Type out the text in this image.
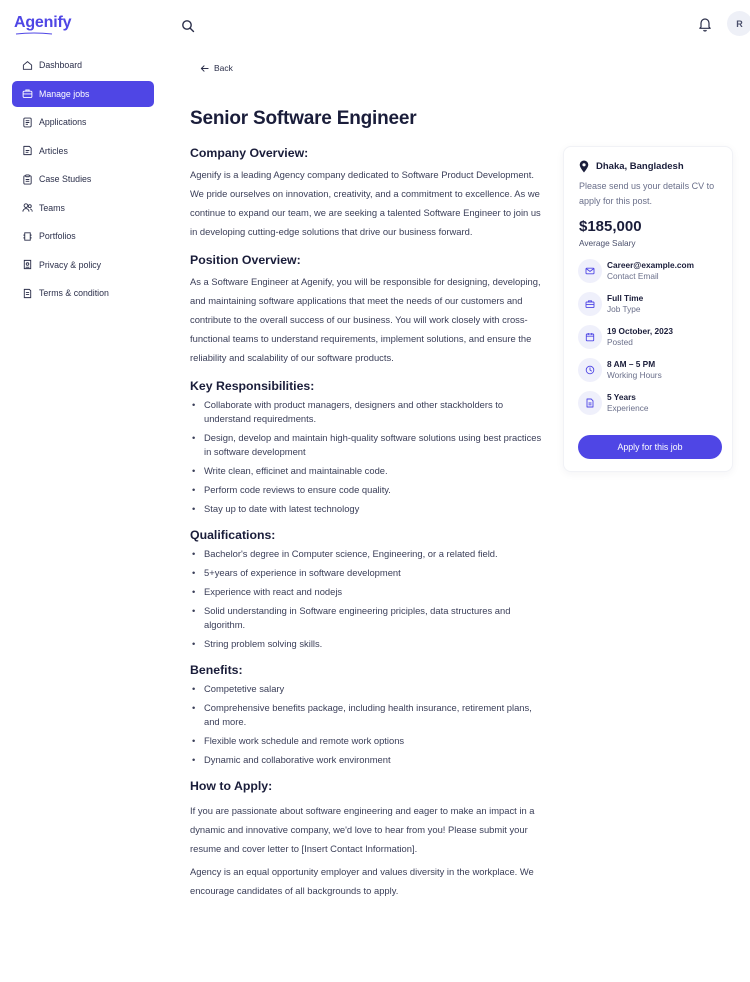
Agenify	R
Dashboard
Manage jobs
Applications
Articles
Case Studies
Teams
Portfolios
Privacy & policy
Terms & condition
Back
Senior Software Engineer
Company Overview:

Agenify is a leading Agency company dedicated to Software Product Development. We pride ourselves on innovation, creativity, and a commitment to excellence. As we continue to expand our team, we are seeking a talented Software Engineer to join us in developing cutting-edge solutions that drive our business forward.

Position Overview:

As a Software Engineer at Agenify, you will be responsible for designing, developing, and maintaining software applications that meet the needs of our customers and contribute to the overall success of our business. You will work closely with cross-functional teams to understand requirements, implement solutions, and ensure the reliability and scalability of our software products.

Key Responsibilities:
• Collaborate with product managers, designers and other stackholders to understand requiredments.
• Design, develop and maintain high-quality software solutions using best practices in software development
• Write clean, efficinet and maintainable code.
• Perform code reviews to ensure code quality.
• Stay up to date with latest technology
Qualifications:
• Bachelor's degree in Computer science, Engineering, or a related field.
• 5+years of experience in software development
• Experience with react and nodejs
• Solid understanding in Software engineering priciples, data structures and algorithm.
• String problem solving skills.
Benefits:
• Competetive salary
• Comprehensive benefits package, including health insurance, retirement plans, and more.
• Flexible work schedule and remote work options
• Dynamic and collaborative work environment
How to Apply:

If you are passionate about software engineering and eager to make an impact in a dynamic and innovative company, we'd love to hear from you! Please submit your resume and cover letter to [Insert Contact Information].

Agency is an equal opportunity employer and values diversity in the workplace. We encourage candidates of all backgrounds to apply.

Dhaka, Bangladesh

Please send us your details CV to apply for this post.

$185,000
Average Salary
Career@example.com
Contact Email
Full Time
Job Type
19 October, 2023
Posted
8 AM – 5 PM
Working Hours
5 Years
Experience
Apply for this job
